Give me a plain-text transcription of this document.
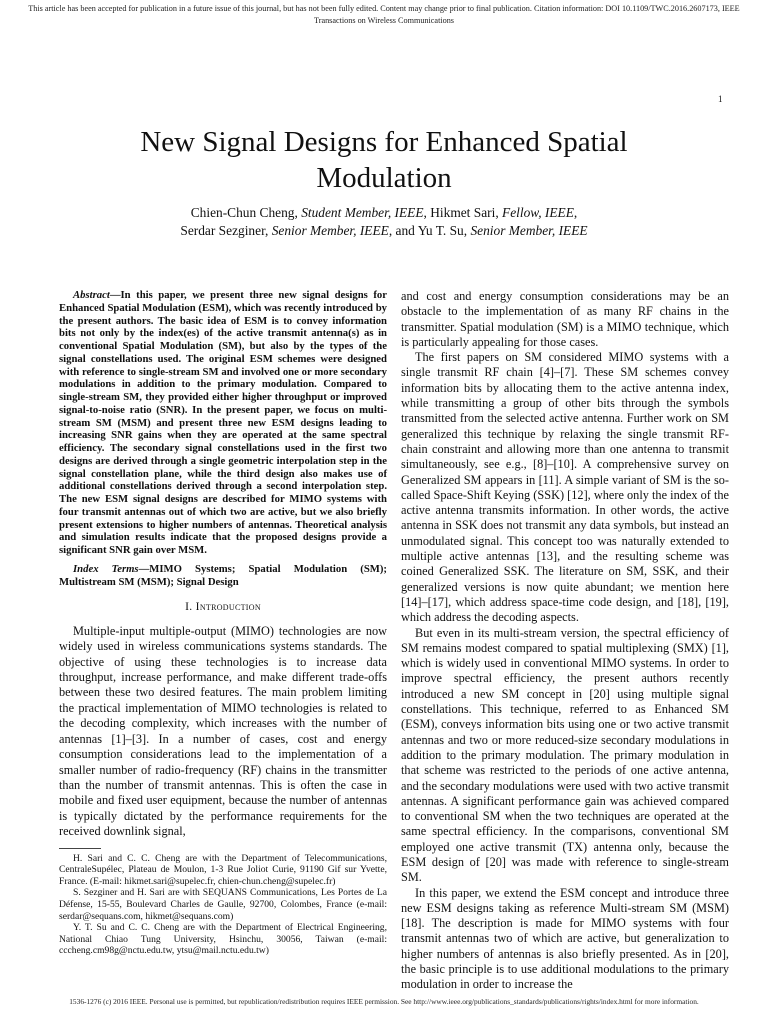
This article has been accepted for publication in a future issue of this journal, but has not been fully edited. Content may change prior to final publication. Citation information: DOI 10.1109/TWC.2016.2607173, IEEE
Transactions on Wireless Communications
1
New Signal Designs for Enhanced Spatial
Modulation
Chien-Chun Cheng, Student Member, IEEE, Hikmet Sari, Fellow, IEEE,
Serdar Sezginer, Senior Member, IEEE, and Yu T. Su, Senior Member, IEEE

Abstract—In this paper, we present three new signal designs for Enhanced Spatial Modulation (ESM), which was recently introduced by the present authors. The basic idea of ESM is to convey information bits not only by the index(es) of the active transmit antenna(s) as in conventional Spatial Modulation (SM), but also by the types of the signal constellations used. The original ESM schemes were designed with reference to single-stream SM and involved one or more secondary modulations in addition to the primary modulation. Compared to single-stream SM, they provided either higher throughput or improved signal-to-noise ratio (SNR). In the present paper, we focus on multi-stream SM (MSM) and present three new ESM designs leading to increasing SNR gains when they are operated at the same spectral efficiency. The secondary signal constellations used in the first two designs are derived through a single geometric interpolation step in the signal constellation plane, while the third design also makes use of additional constellations derived through a second interpolation step. The new ESM signal designs are described for MIMO systems with four transmit antennas out of which two are active, but we also briefly present extensions to higher numbers of antennas. Theoretical analysis and simulation results indicate that the proposed designs provide a significant SNR gain over MSM.

Index Terms—MIMO Systems; Spatial Modulation (SM); Multistream SM (MSM); Signal Design

I. Introduction

Multiple-input multiple-output (MIMO) technologies are now widely used in wireless communications systems standards. The objective of using these technologies is to increase data throughput, increase performance, and make different trade-offs between these two desired features. The main problem limiting the practical implementation of MIMO technologies is related to the decoding complexity, which increases with the number of antennas [1]–[3]. In a number of cases, cost and energy consumption considerations lead to the implementation of a smaller number of radio-frequency (RF) chains in the transmitter than the number of transmit antennas. This is often the case in mobile and fixed user equipment, because the number of antennas is typically dictated by the performance requirements for the received downlink signal,

H. Sari and C. C. Cheng are with the Department of Telecommunications, CentraleSupélec, Plateau de Moulon, 1-3 Rue Joliot Curie, 91190 Gif sur Yvette, France. (E-mail: hikmet.sari@supelec.fr, chien-chun.cheng@supelec.fr)

S. Sezginer and H. Sari are with SEQUANS Communications, Les Portes de La Défense, 15-55, Boulevard Charles de Gaulle, 92700, Colombes, France (e-mail: serdar@sequans.com, hikmet@sequans.com)

Y. T. Su and C. C. Cheng are with the Department of Electrical Engineering, National Chiao Tung University, Hsinchu, 30056, Taiwan (e-mail: cccheng.cm98g@nctu.edu.tw, ytsu@mail.nctu.edu.tw)

and cost and energy consumption considerations may be an obstacle to the implementation of as many RF chains in the transmitter. Spatial modulation (SM) is a MIMO technique, which is particularly appealing for those cases.

The first papers on SM considered MIMO systems with a single transmit RF chain [4]–[7]. These SM schemes convey information bits by allocating them to the active antenna index, while transmitting a group of other bits through the symbols transmitted from the selected active antenna. Further work on SM generalized this technique by relaxing the single transmit RF-chain constraint and allowing more than one antenna to transmit simultaneously, see e.g., [8]–[10]. A comprehensive survey on Generalized SM appears in [11]. A simple variant of SM is the so-called Space-Shift Keying (SSK) [12], where only the index of the active antenna transmits information. In other words, the active antenna in SSK does not transmit any data symbols, but instead an unmodulated signal. This concept too was naturally extended to multiple active antennas [13], and the resulting scheme was coined Generalized SSK. The literature on SM, SSK, and their generalized versions is now quite abundant; we mention here [14]–[17], which address space-time code design, and [18], [19], which address the decoding aspects.

But even in its multi-stream version, the spectral efficiency of SM remains modest compared to spatial multiplexing (SMX) [1], which is widely used in conventional MIMO systems. In order to improve spectral efficiency, the present authors recently introduced a new SM concept in [20] using multiple signal constellations. This technique, referred to as Enhanced SM (ESM), conveys information bits using one or two active transmit antennas and two or more reduced-size secondary modulations in addition to the primary modulation. The primary modulation in that scheme was restricted to the periods of one active antenna, and the secondary modulations were used with two active transmit antennas. A significant performance gain was achieved compared to conventional SM when the two techniques are operated at the same spectral efficiency. In the comparisons, conventional SM employed one active transmit (TX) antenna only, because the ESM design of [20] was made with reference to single-stream SM.

In this paper, we extend the ESM concept and introduce three new ESM designs taking as reference Multi-stream SM (MSM) [18]. The description is made for MIMO systems with four transmit antennas two of which are active, but generalization to higher numbers of antennas is also briefly presented. As in [20], the basic principle is to use additional modulations to the primary modulation in order to increase the

1536-1276 (c) 2016 IEEE. Personal use is permitted, but republication/redistribution requires IEEE permission. See http://www.ieee.org/publications_standards/publications/rights/index.html for more information.
